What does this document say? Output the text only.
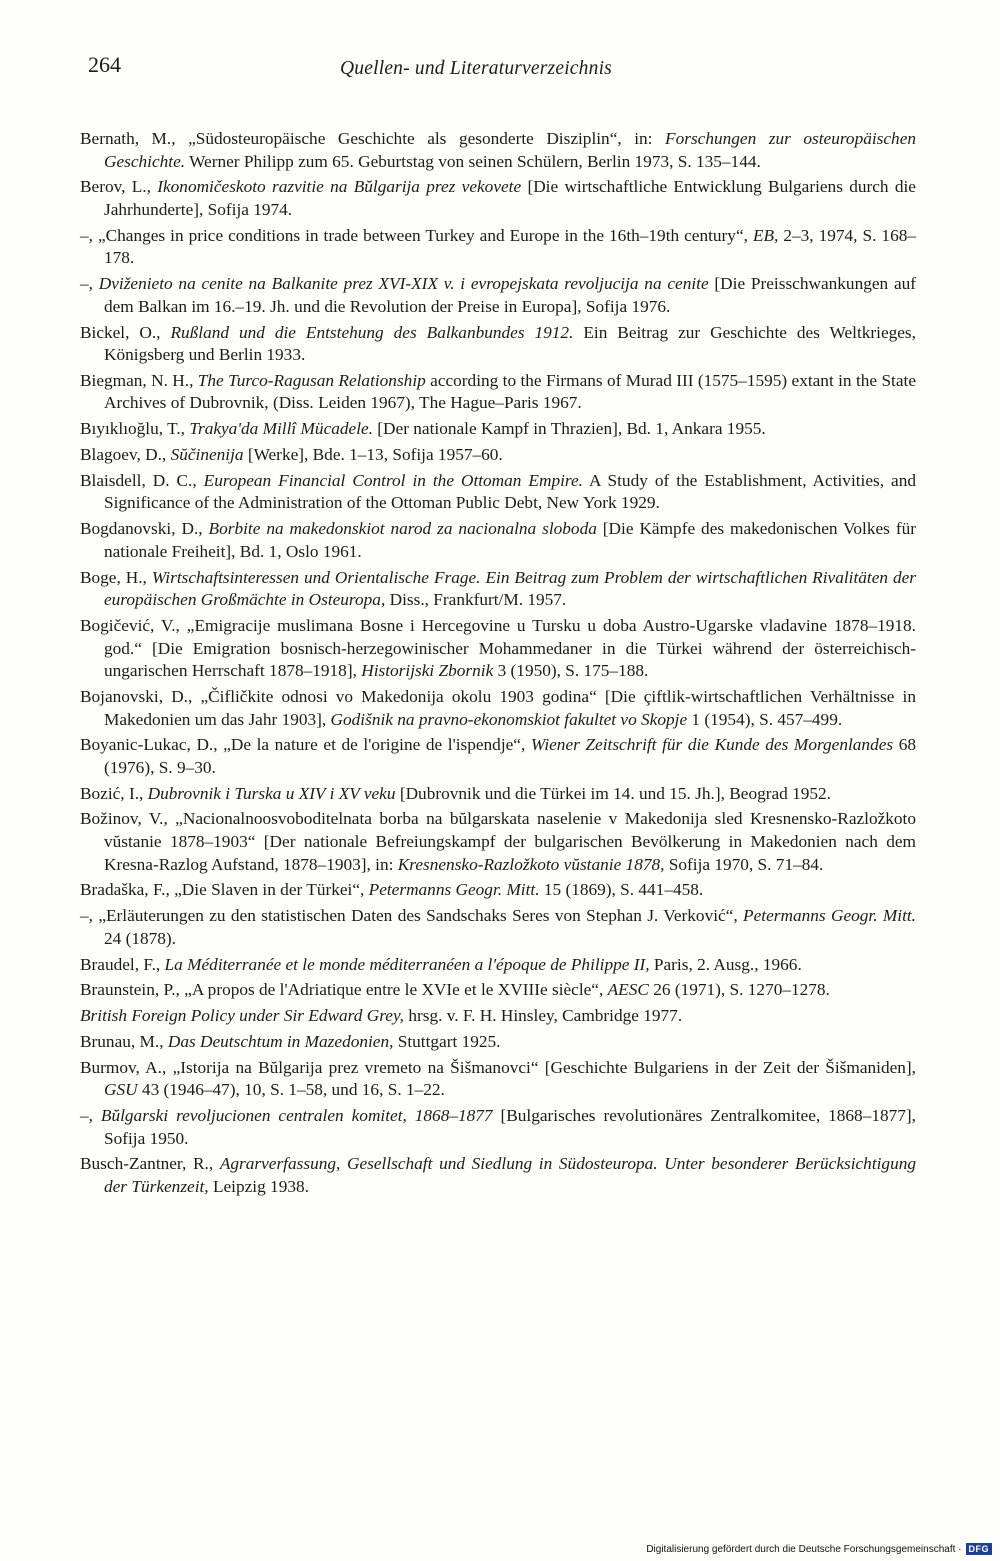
264	Quellen- und Literaturverzeichnis

Bernath, M., „Südosteuropäische Geschichte als gesonderte Disziplin“, in: Forschungen zur osteuropäischen Geschichte. Werner Philipp zum 65. Geburtstag von seinen Schülern, Berlin 1973, S. 135–144.

Berov, L., Ikonomičeskoto razvitie na Bŭlgarija prez vekovete [Die wirtschaftliche Entwicklung Bulgariens durch die Jahrhunderte], Sofija 1974.

–, „Changes in price conditions in trade between Turkey and Europe in the 16th–19th century“, EB, 2–3, 1974, S. 168–178.

–, Dviženieto na cenite na Balkanite prez XVI-XIX v. i evropejskata revoljucija na cenite [Die Preisschwankungen auf dem Balkan im 16.–19. Jh. und die Revolution der Preise in Europa], Sofija 1976.

Bickel, O., Rußland und die Entstehung des Balkanbundes 1912. Ein Beitrag zur Geschichte des Weltkrieges, Königsberg und Berlin 1933.

Biegman, N. H., The Turco-Ragusan Relationship according to the Firmans of Murad III (1575–1595) extant in the State Archives of Dubrovnik, (Diss. Leiden 1967), The Hague–Paris 1967.

Bıyıklıoğlu, T., Trakya'da Millî Mücadele. [Der nationale Kampf in Thrazien], Bd. 1, Ankara 1955.

Blagoev, D., Sŭčinenija [Werke], Bde. 1–13, Sofija 1957–60.

Blaisdell, D. C., European Financial Control in the Ottoman Empire. A Study of the Establishment, Activities, and Significance of the Administration of the Ottoman Public Debt, New York 1929.

Bogdanovski, D., Borbite na makedonskiot narod za nacionalna sloboda [Die Kämpfe des makedonischen Volkes für nationale Freiheit], Bd. 1, Oslo 1961.

Boge, H., Wirtschaftsinteressen und Orientalische Frage. Ein Beitrag zum Problem der wirtschaftlichen Rivalitäten der europäischen Großmächte in Osteuropa, Diss., Frankfurt/M. 1957.

Bogičević, V., „Emigracije muslimana Bosne i Hercegovine u Tursku u doba Austro-Ugarske vladavine 1878–1918. god.“ [Die Emigration bosnisch-herzegowinischer Mohammedaner in die Türkei während der österreichisch-ungarischen Herrschaft 1878–1918], Historijski Zbornik 3 (1950), S. 175–188.

Bojanovski, D., „Čifličkite odnosi vo Makedonija okolu 1903 godina“ [Die çiftlik-wirtschaftlichen Verhältnisse in Makedonien um das Jahr 1903], Godišnik na pravno-ekonomskiot fakultet vo Skopje 1 (1954), S. 457–499.

Boyanic-Lukac, D., „De la nature et de l'origine de l'ispendje“, Wiener Zeitschrift für die Kunde des Morgenlandes 68 (1976), S. 9–30.

Bozić, I., Dubrovnik i Turska u XIV i XV veku [Dubrovnik und die Türkei im 14. und 15. Jh.], Beograd 1952.

Božinov, V., „Nacionalnoosvoboditelnata borba na bŭlgarskata naselenie v Makedonija sled Kresnensko-Razložkoto vŭstanie 1878–1903“ [Der nationale Befreiungskampf der bulgarischen Bevölkerung in Makedonien nach dem Kresna-Razlog Aufstand, 1878–1903], in: Kresnensko-Razložkoto vŭstanie 1878, Sofija 1970, S. 71–84.

Bradaška, F., „Die Slaven in der Türkei“, Petermanns Geogr. Mitt. 15 (1869), S. 441–458.

–, „Erläuterungen zu den statistischen Daten des Sandschaks Seres von Stephan J. Verković“, Petermanns Geogr. Mitt. 24 (1878).

Braudel, F., La Méditerranée et le monde méditerranéen a l'époque de Philippe II, Paris, 2. Ausg., 1966.

Braunstein, P., „A propos de l'Adriatique entre le XVIe et le XVIIIe siècle“, AESC 26 (1971), S. 1270–1278.

British Foreign Policy under Sir Edward Grey, hrsg. v. F. H. Hinsley, Cambridge 1977.

Brunau, M., Das Deutschtum in Mazedonien, Stuttgart 1925.

Burmov, A., „Istorija na Bŭlgarija prez vremeto na Šišmanovci“ [Geschichte Bulgariens in der Zeit der Šišmaniden], GSU 43 (1946–47), 10, S. 1–58, und 16, S. 1–22.

–, Bŭlgarski revoljucionen centralen komitet, 1868–1877 [Bulgarisches revolutionäres Zentralkomitee, 1868–1877], Sofija 1950.

Busch-Zantner, R., Agrarverfassung, Gesellschaft und Siedlung in Südosteuropa. Unter besonderer Berücksichtigung der Türkenzeit, Leipzig 1938.

Digitalisierung gefördert durch die Deutsche Forschungsgemeinschaft · DFG
